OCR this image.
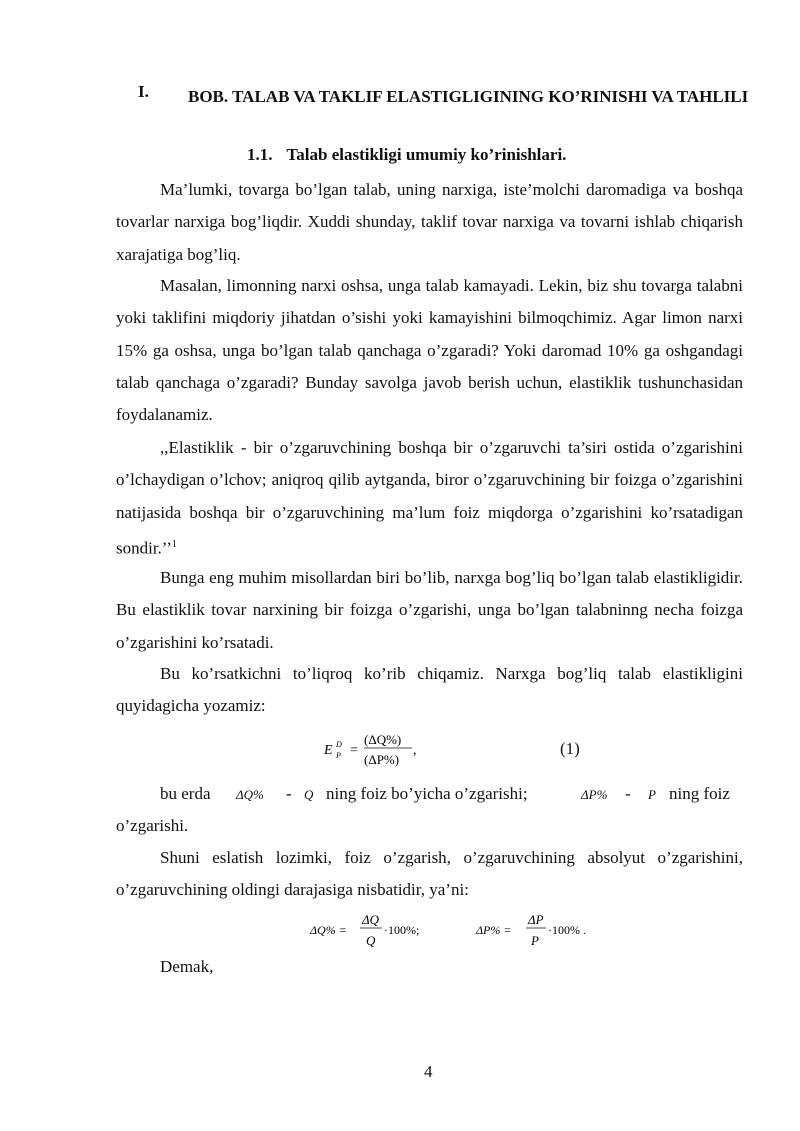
I. BOB. TALAB VA TAKLIF ELASTIGLIGINING KO’RINISHI VA TAHLILI
1.1. Talab elastikligi umumiy ko’rinishlari.

Ma’lumki, tovarga bo’lgan talab, uning narxiga, iste’molchi daromadiga va boshqa tovarlar narxiga bog’liqdir. Xuddi shunday, taklif tovar narxiga va tovarni ishlab chiqarish xarajatiga bog’liq.

Masalan, limonning narxi oshsa, unga talab kamayadi. Lekin, biz shu tovarga talabni yoki taklifini miqdoriy jihatdan o’sishi yoki kamayishini bilmoqchimiz. Agar limon narxi 15% ga oshsa, unga bo’lgan talab qanchaga o’zgaradi? Yoki daromad 10% ga oshgandagi talab qanchaga o’zgaradi? Bunday savolga javob berish uchun, elastiklik tushunchasidan foydalanamiz.

,,Elastiklik - bir o’zgaruvchining boshqa bir o’zgaruvchi ta’siri ostida o’zgarishini o’lchaydigan o’lchov; aniqroq qilib aytganda, biror o’zgaruvchining bir foizga o’zgarishini natijasida boshqa bir o’zgaruvchining ma’lum foiz miqdorga o’zgarishini ko’rsatadigan sondir.’’$^1$

Bunga eng muhim misollardan biri bo’lib, narxga bog’liq bo’lgan talab elastikligidir. Bu elastiklik tovar narxining bir foizga o’zgarishi, unga bo’lgan talabninng necha foizga o’zgarishini ko’rsatadi.

Bu ko’rsatkichni to’liqroq ko’rib chiqamiz. Narxga bog’liq talab elastikligini quyidagicha yozamiz:

E D
P =
(ΔQ%)
(ΔP%)
,	(1)
bu erda ΔQ% - Q ning foiz bo’yicha o’zgarishi;	ΔP% - P ning foiz
o’zgarishi.

Shuni eslatish lozimki, foiz o’zgarish, o’zgaruvchining absolyut o’zgarishini, o’zgaruvchining oldingi darajasiga nisbatidir, ya’ni:

ΔQ% =
ΔQ
Q
·100%;	ΔP% =
ΔP
P
·100% .
Demak,
4
